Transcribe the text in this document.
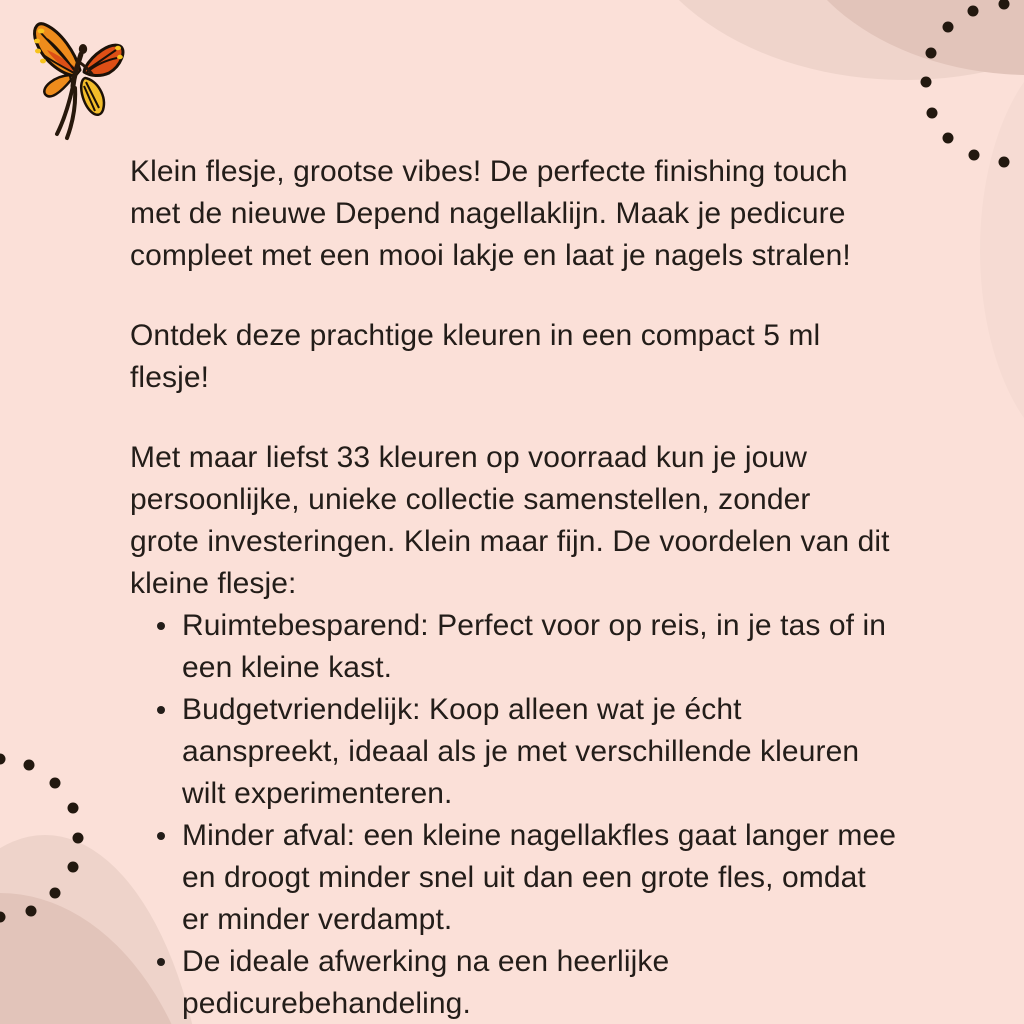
Klein flesje, grootse vibes! De perfecte finishing touch
met de nieuwe Depend nagellaklijn. Maak je pedicure
compleet met een mooi lakje en laat je nagels stralen!

Ontdek deze prachtige kleuren in een compact 5 ml
flesje!

Met maar liefst 33 kleuren op voorraad kun je jouw
persoonlijke, unieke collectie samenstellen, zonder
grote investeringen. Klein maar fijn. De voordelen van dit
kleine flesje:

Ruimtebesparend: Perfect voor op reis, in je tas of in
een kleine kast.
Budgetvriendelijk: Koop alleen wat je écht
aanspreekt, ideaal als je met verschillende kleuren
wilt experimenteren.
Minder afval: een kleine nagellakfles gaat langer mee
en droogt minder snel uit dan een grote fles, omdat
er minder verdampt.
De ideale afwerking na een heerlijke
pedicurebehandeling.
